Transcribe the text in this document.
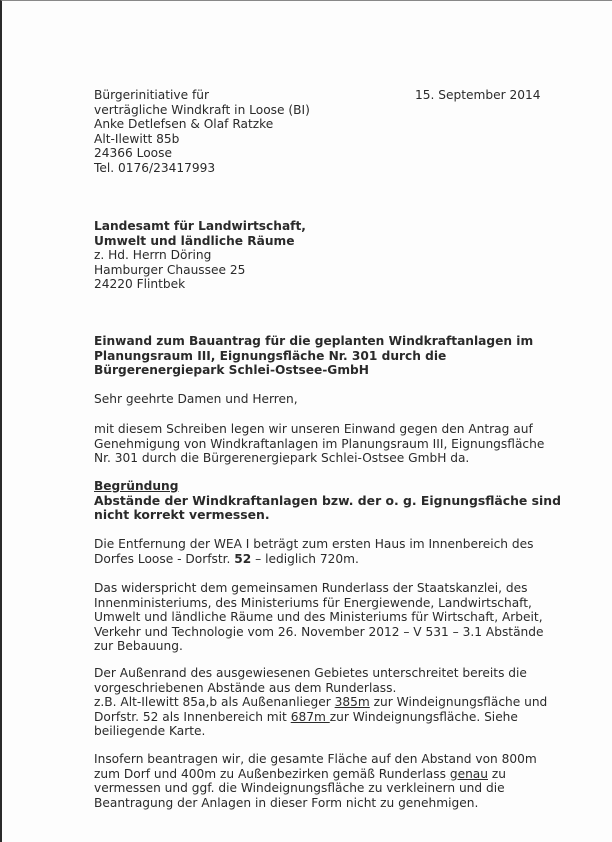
Bürgerinitiative für
verträgliche Windkraft in Loose (BI)
Anke Detlefsen & Olaf Ratzke
Alt-Ilewitt 85b
24366 Loose
Tel. 0176/23417993
15. September 2014
Landesamt für Landwirtschaft,
Umwelt und ländliche Räume
z. Hd. Herrn Döring
Hamburger Chaussee 25
24220 Flintbek
Einwand zum Bauantrag für die geplanten Windkraftanlagen im
Planungsraum III, Eignungsfläche Nr. 301 durch die
Bürgerenergiepark Schlei-Ostsee-GmbH
Sehr geehrte Damen und Herren,
mit diesem Schreiben legen wir unseren Einwand gegen den Antrag auf
Genehmigung von Windkraftanlagen im Planungsraum III, Eignungsfläche
Nr. 301 durch die Bürgerenergiepark Schlei-Ostsee GmbH da.
Begründung
Abstände der Windkraftanlagen bzw. der o. g. Eignungsfläche sind
nicht korrekt vermessen.
Die Entfernung der WEA I beträgt zum ersten Haus im Innenbereich des
Dorfes Loose - Dorfstr. 52 – lediglich 720m.
Das widerspricht dem gemeinsamen Runderlass der Staatskanzlei, des
Innenministeriums, des Ministeriums für Energiewende, Landwirtschaft,
Umwelt und ländliche Räume und des Ministeriums für Wirtschaft, Arbeit,
Verkehr und Technologie vom 26. November 2012 – V 531 – 3.1 Abstände
zur Bebauung.
Der Außenrand des ausgewiesenen Gebietes unterschreitet bereits die
vorgeschriebenen Abstände aus dem Runderlass.
z.B. Alt-Ilewitt 85a,b als Außenanlieger 385m zur Windeignungsfläche und
Dorfstr. 52 als Innenbereich mit 687m zur Windeignungsfläche. Siehe
beiliegende Karte.
Insofern beantragen wir, die gesamte Fläche auf den Abstand von 800m
zum Dorf und 400m zu Außenbezirken gemäß Runderlass genau zu
vermessen und ggf. die Windeignungsfläche zu verkleinern und die
Beantragung der Anlagen in dieser Form nicht zu genehmigen.
